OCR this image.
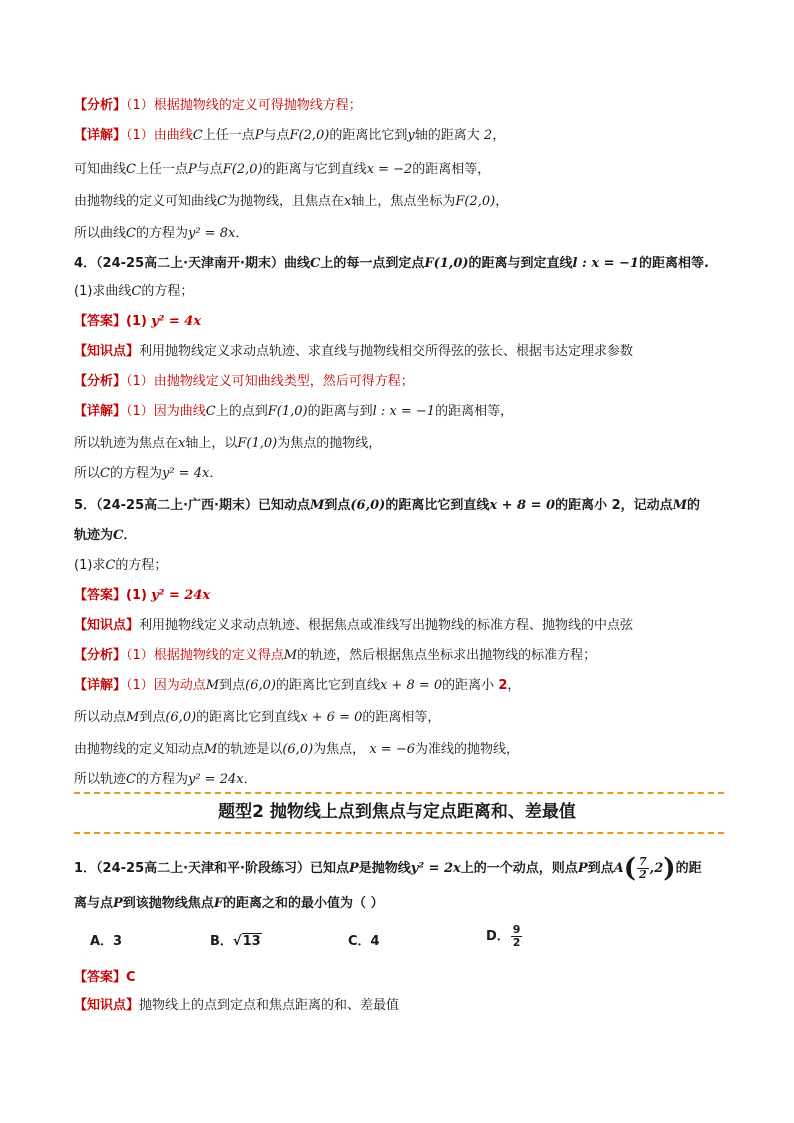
【分析】（1）根据抛物线的定义可得抛物线方程；
【详解】（1）由曲线C上任一点P与点F(2,0)的距离比它到y轴的距离大 2，
可知曲线C上任一点P与点F(2,0)的距离与它到直线x = −2的距离相等，
由抛物线的定义可知曲线C为抛物线，且焦点在x轴上，焦点坐标为F(2,0)，
所以曲线C的方程为y² = 8x．
4．（24-25高二上·天津南开·期末）曲线C上的每一点到定点F(1,0)的距离与到定直线l : x = −1的距离相等.
(1)求曲线C的方程；
【答案】(1) y² = 4x
【知识点】利用抛物线定义求动点轨迹、求直线与抛物线相交所得弦的弦长、根据韦达定理求参数
【分析】（1）由抛物线定义可知曲线类型，然后可得方程；
【详解】（1）因为曲线C上的点到F(1,0)的距离与到l : x = −1的距离相等，
所以轨迹为焦点在x轴上，以F(1,0)为焦点的抛物线，
所以C的方程为y² = 4x．
5．（24-25高二上·广西·期末）已知动点M到点(6,0)的距离比它到直线x + 8 = 0的距离小 2，记动点M的
轨迹为C．
(1)求C的方程；
【答案】(1) y² = 24x
【知识点】利用抛物线定义求动点轨迹、根据焦点或准线写出抛物线的标准方程、抛物线的中点弦
【分析】（1）根据抛物线的定义得点M的轨迹，然后根据焦点坐标求出抛物线的标准方程；
【详解】（1）因为动点M到点(6,0)的距离比它到直线x + 8 = 0的距离小 2，
所以动点M到点(6,0)的距离比它到直线x + 6 = 0的距离相等，
由抛物线的定义知动点M的轨迹是以(6,0)为焦点， x = −6为准线的抛物线，
所以轨迹C的方程为y² = 24x．
题型2 抛物线上点到焦点与定点距离和、差最值
1．（24-25高二上·天津和平·阶段练习）已知点P是抛物线y² = 2x上的一个动点，则点P到点$A( \frac{7}{2} ,2)$的距
离与点P到该抛物线焦点F的距离之和的最小值为（ ）
A．3	B．√13	C．4	D． $\frac{9}{2}$
【答案】C
【知识点】抛物线上的点到定点和焦点距离的和、差最值
